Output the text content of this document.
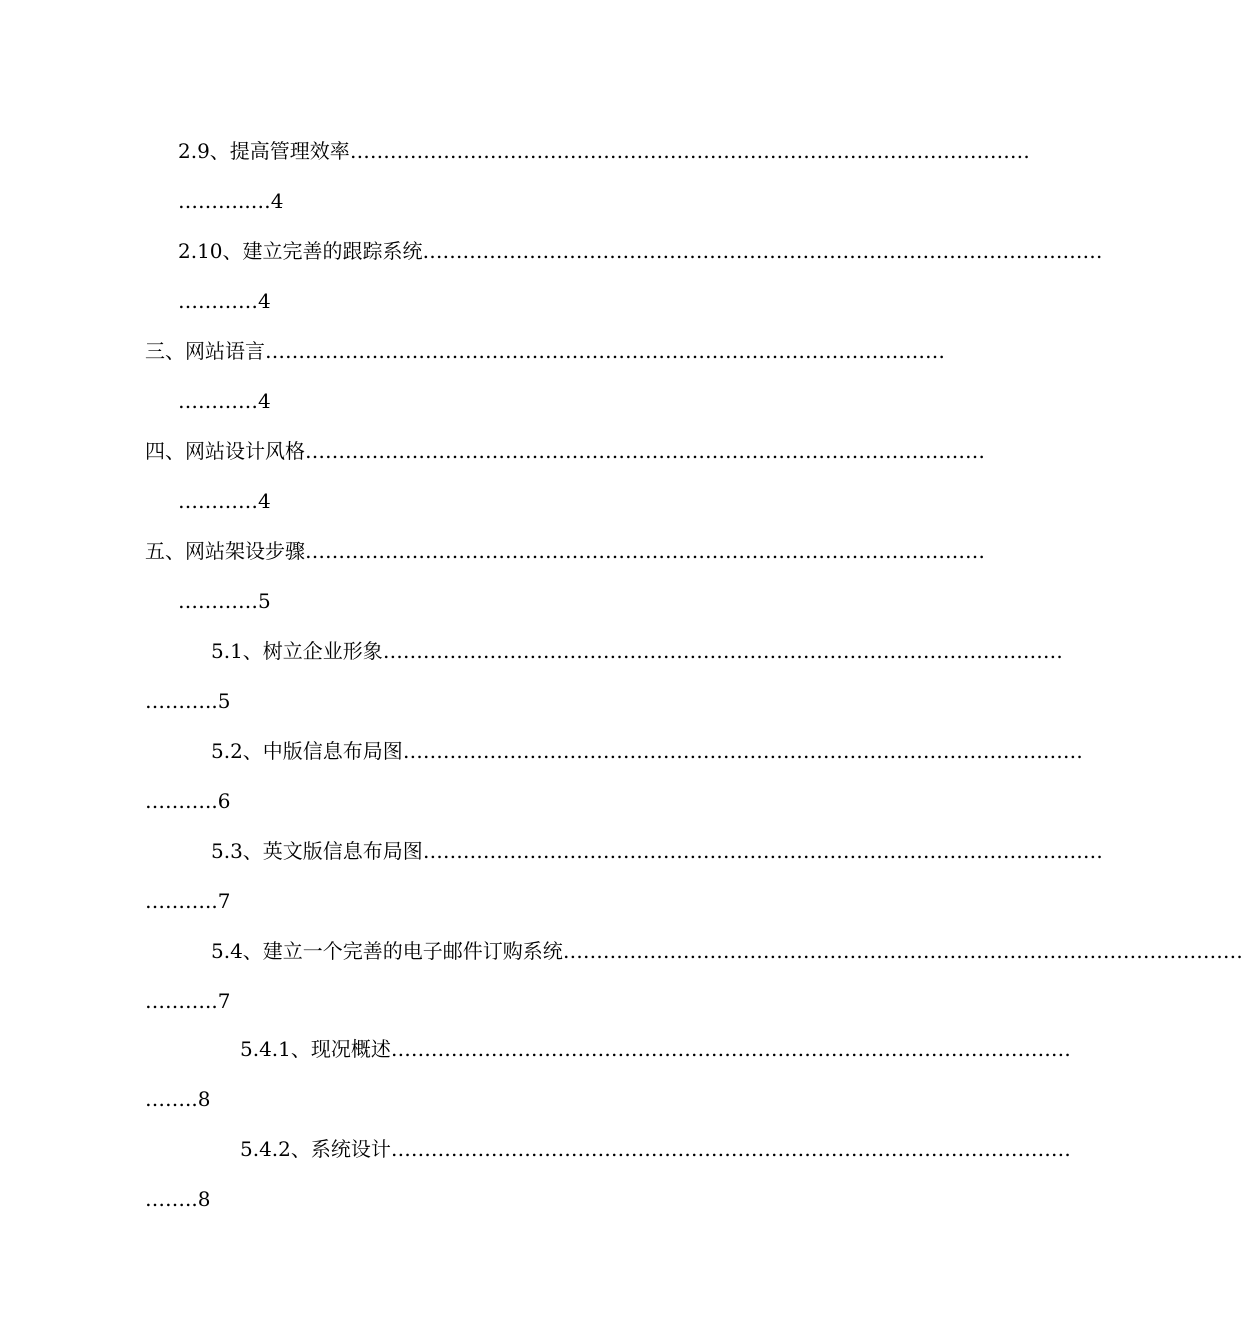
2.9、提高管理效率 …………………………………………………………………………………………
………..…4
2.10、建立完善的跟踪系统 …………………………………………………………………………………………
…………4
三、 网站语言 …………………………………………………………………………………………
…………4
四、 网站设计风格 …………………………………………………………………………………………
…………4
五、 网站架设步骤 …………………………………………………………………………………………
…………5
5.1、树立企业形象 …………………………………………………………………………………………
………..5
5.2、中版信息布局图 …………………………………………………………………………………………
………..6
5.3、英文版信息布局图 …………………………………………………………………………………………
………..7
5.4、建立一个完善的电子邮件订购系统 …………………………………………………………………………………………
………..7
5.4.1、现况概述 …………………………………………………………………………………………
……..8
5.4.2、系统设计 …………………………………………………………………………………………
……..8
